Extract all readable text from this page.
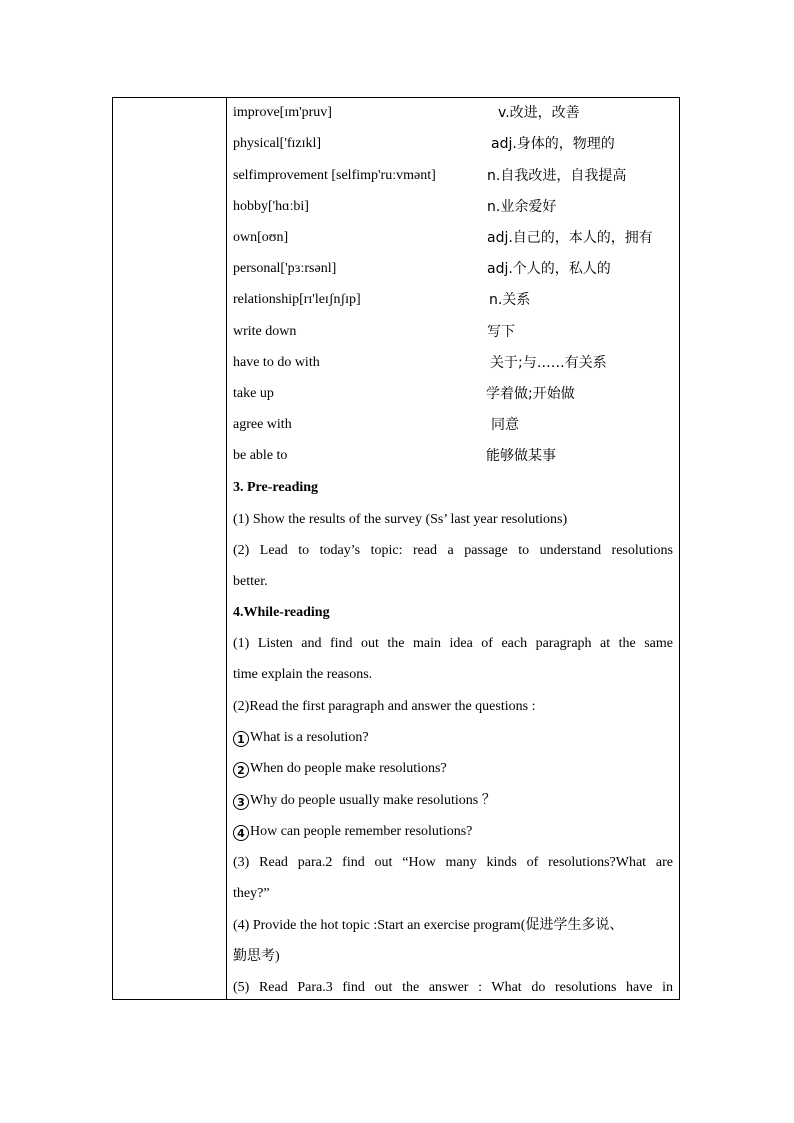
improve[ɪm'pruv]	v.改进，改善
physical['fɪzɪkl]	adj.身体的，物理的
selfimprovement [selfimp'ruːvmənt]	n.自我改进，自我提高
hobby['hɑːbi]	n.业余爱好
own[oʊn]	adj.自己的，本人的，拥有
personal['pɜːrsənl]	adj.个人的，私人的
relationship[rɪ'leɪʃnʃɪp]	n.关系
write down	写下
have to do with	关于;与……有关系
take up	学着做;开始做
agree with	同意
be able to	能够做某事
3. Pre-reading
(1) Show the results of the survey (Ss’ last year resolutions)
(2) Lead to today’s topic: read a passage to understand resolutions
better.
4.While-reading
(1) Listen and find out the main idea of each paragraph at the same
time explain the reasons.
(2)Read the first paragraph and answer the questions :
1 What is a resolution?
2 When do people make resolutions?
3 Why do people usually make resolutions ？
4 How can people remember resolutions?
(3) Read para.2 find out “How many kinds of resolutions?What are
they?”
(4) Provide the hot topic :Start an exercise program(促进学生多说、
勤思考)
(5) Read Para.3 find out the answer : What do resolutions have in
